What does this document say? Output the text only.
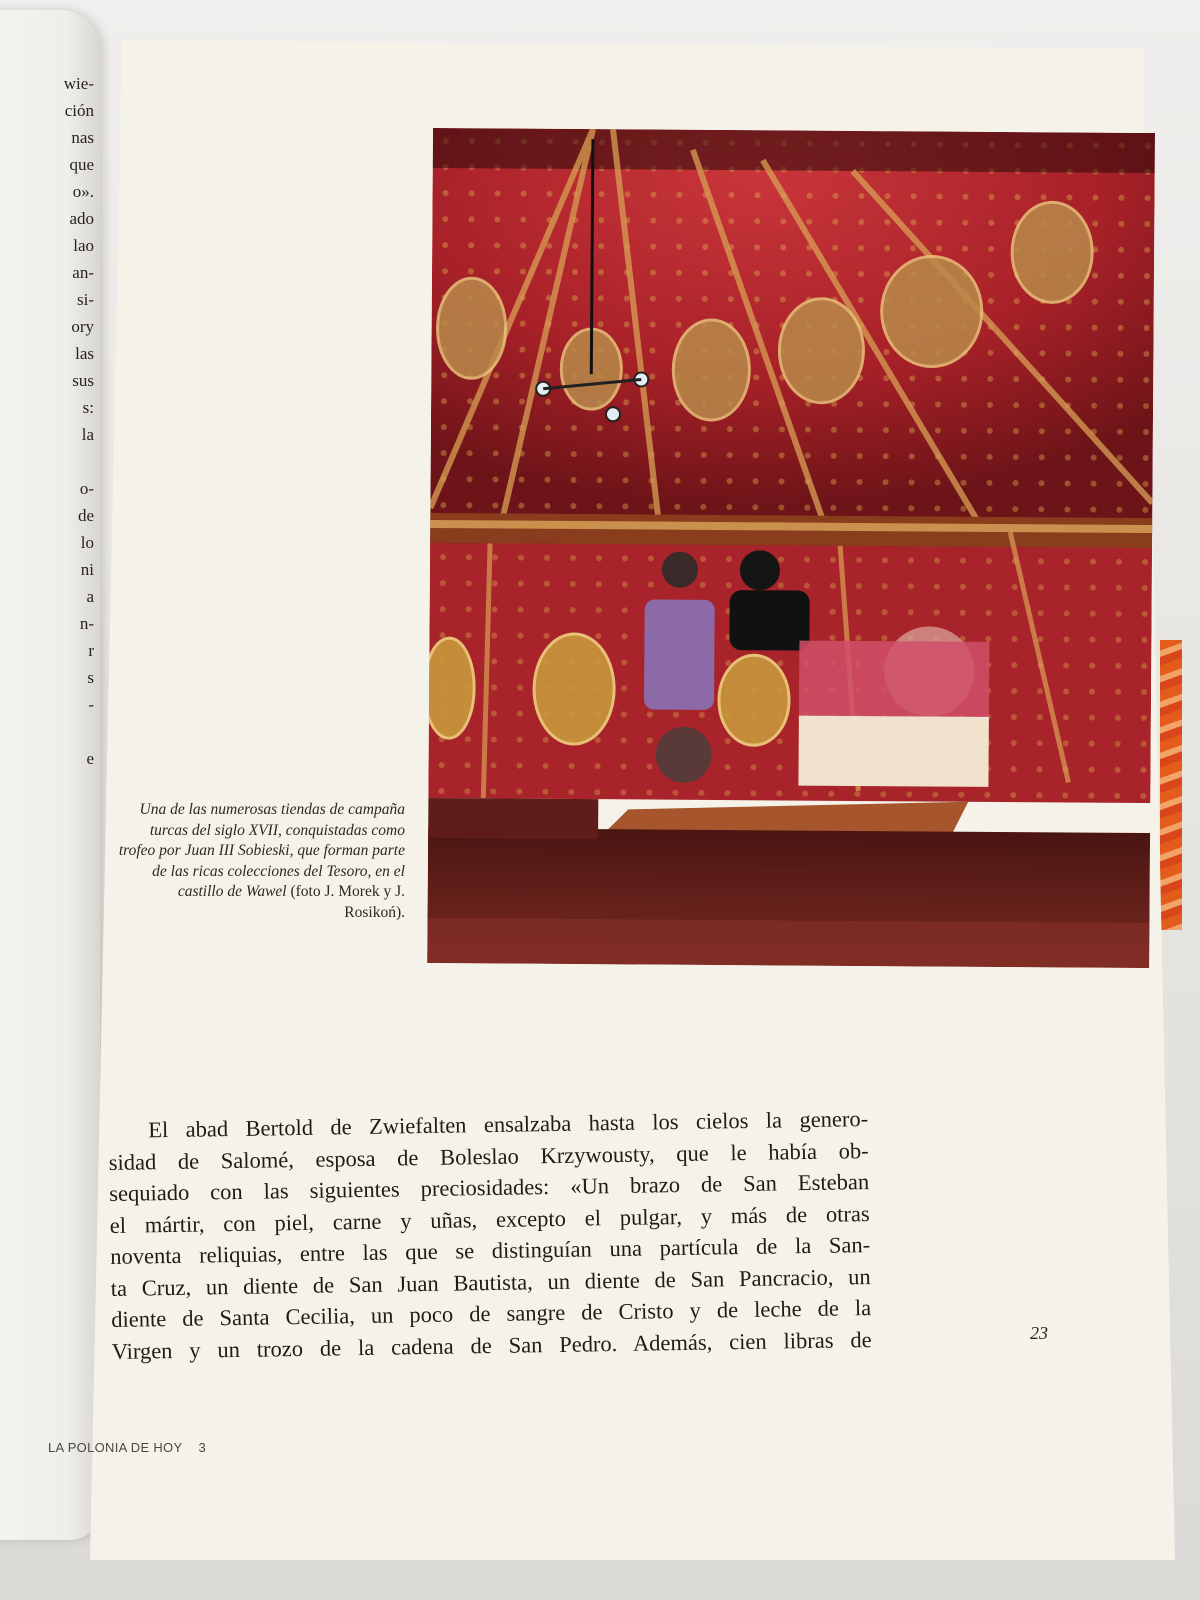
wie-
ción
nas
que
o».
ado
lao
an-
si-
ory
las
sus
s:
la

o-
de
lo
ni
a
n-
r
s
-

e
Una de las numerosas tiendas de campaña turcas del siglo XVII, conquistadas como trofeo por Juan III Sobieski, que forman parte de las ricas colecciones del Tesoro, en el castillo de Wawel (foto J. Morek y J. Rosikoń).
El abad Bertold de Zwiefalten ensalzaba hasta los cielos la genero-
sidad de Salomé, esposa de Boleslao Krzywousty, que le había ob-
sequiado con las siguientes preciosidades: «Un brazo de San Esteban
el mártir, con piel, carne y uñas, excepto el pulgar, y más de otras
noventa reliquias, entre las que se distinguían una partícula de la San-
ta Cruz, un diente de San Juan Bautista, un diente de San Pancracio, un
diente de Santa Cecilia, un poco de sangre de Cristo y de leche de la
Virgen y un trozo de la cadena de San Pedro. Además, cien libras de	23
LA POLONIA DE HOY 3
